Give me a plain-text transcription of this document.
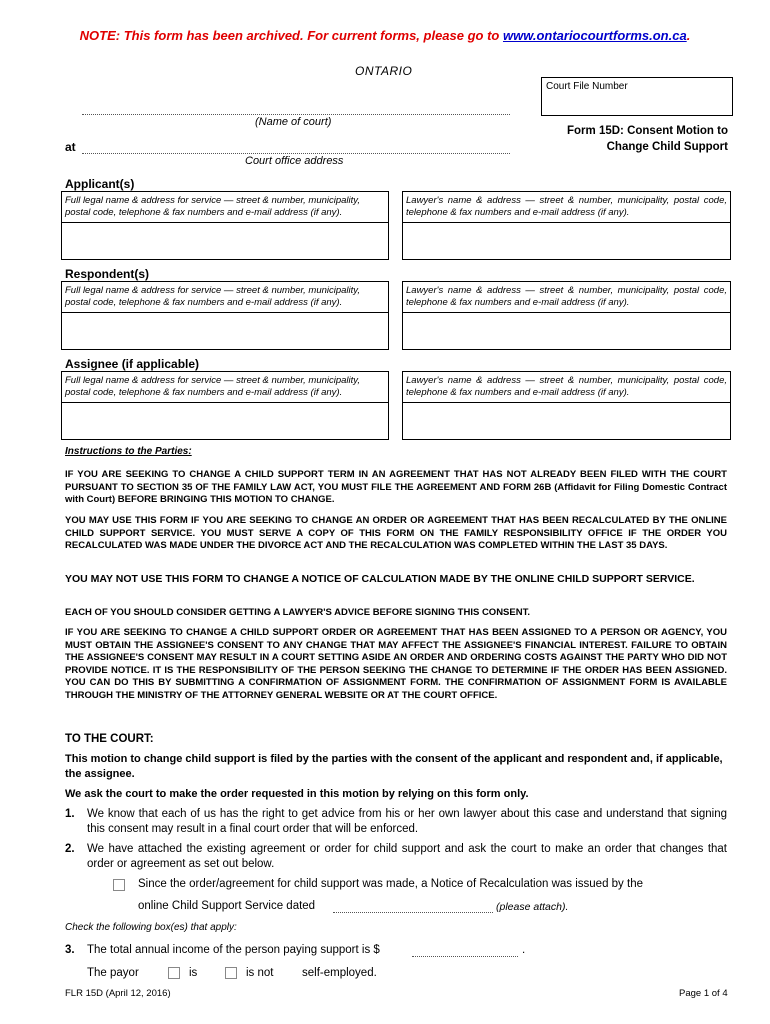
NOTE: This form has been archived. For current forms, please go to www.ontariocourtforms.on.ca.
ONTARIO
Court File Number
(Name of court)
at
Court office address
Form 15D: Consent Motion to
Change Child Support
Applicant(s)
Full legal name & address for service — street & number, municipality, postal code, telephone & fax numbers and e-mail address (if any).
Lawyer's name & address — street & number, municipality, postal code, telephone & fax numbers and e-mail address (if any).
Respondent(s)
Full legal name & address for service — street & number, municipality, postal code, telephone & fax numbers and e-mail address (if any).
Lawyer's name & address — street & number, municipality, postal code, telephone & fax numbers and e-mail address (if any).
Assignee (if applicable)
Full legal name & address for service — street & number, municipality, postal code, telephone & fax numbers and e-mail address (if any).
Lawyer's name & address — street & number, municipality, postal code, telephone & fax numbers and e-mail address (if any).
Instructions to the Parties:
IF YOU ARE SEEKING TO CHANGE A CHILD SUPPORT TERM IN AN AGREEMENT THAT HAS NOT ALREADY BEEN FILED WITH THE COURT PURSUANT TO SECTION 35 OF THE FAMILY LAW ACT, YOU MUST FILE THE AGREEMENT AND FORM 26B (Affidavit for Filing Domestic Contract with Court) BEFORE BRINGING THIS MOTION TO CHANGE.
YOU MAY USE THIS FORM IF YOU ARE SEEKING TO CHANGE AN ORDER OR AGREEMENT THAT HAS BEEN RECALCULATED BY THE ONLINE CHILD SUPPORT SERVICE. YOU MUST SERVE A COPY OF THIS FORM ON THE FAMILY RESPONSIBILITY OFFICE IF THE ORDER YOU RECALCULATED WAS MADE UNDER THE DIVORCE ACT AND THE RECALCULATION WAS COMPLETED WITHIN THE LAST 35 DAYS.
YOU MAY NOT USE THIS FORM TO CHANGE A NOTICE OF CALCULATION MADE BY THE ONLINE CHILD SUPPORT SERVICE.
EACH OF YOU SHOULD CONSIDER GETTING A LAWYER'S ADVICE BEFORE SIGNING THIS CONSENT.
IF YOU ARE SEEKING TO CHANGE A CHILD SUPPORT ORDER OR AGREEMENT THAT HAS BEEN ASSIGNED TO A PERSON OR AGENCY, YOU MUST OBTAIN THE ASSIGNEE'S CONSENT TO ANY CHANGE THAT MAY AFFECT THE ASSIGNEE'S FINANCIAL INTEREST. FAILURE TO OBTAIN THE ASSIGNEE'S CONSENT MAY RESULT IN A COURT SETTING ASIDE AN ORDER AND ORDERING COSTS AGAINST THE PARTY WHO DID NOT PROVIDE NOTICE. IT IS THE RESPONSIBILITY OF THE PERSON SEEKING THE CHANGE TO DETERMINE IF THE ORDER HAS BEEN ASSIGNED. YOU CAN DO THIS BY SUBMITTING A CONFIRMATION OF ASSIGNMENT FORM. THE CONFIRMATION OF ASSIGNMENT FORM IS AVAILABLE THROUGH THE MINISTRY OF THE ATTORNEY GENERAL WEBSITE OR AT THE COURT OFFICE.
TO THE COURT:
This motion to change child support is filed by the parties with the consent of the applicant and respondent and, if applicable, the assignee.
We ask the court to make the order requested in this motion by relying on this form only.
1. We know that each of us has the right to get advice from his or her own lawyer about this case and understand that signing this consent may result in a final court order that will be enforced.
2. We have attached the existing agreement or order for child support and ask the court to make an order that changes that order or agreement as set out below.
Since the order/agreement for child support was made, a Notice of Recalculation was issued by the
online Child Support Service dated	(please attach).
Check the following box(es) that apply:
3. The total annual income of the person paying support is $	.
The payor	is	is not self-employed.
FLR 15D (April 12, 2016)	Page 1 of 4
